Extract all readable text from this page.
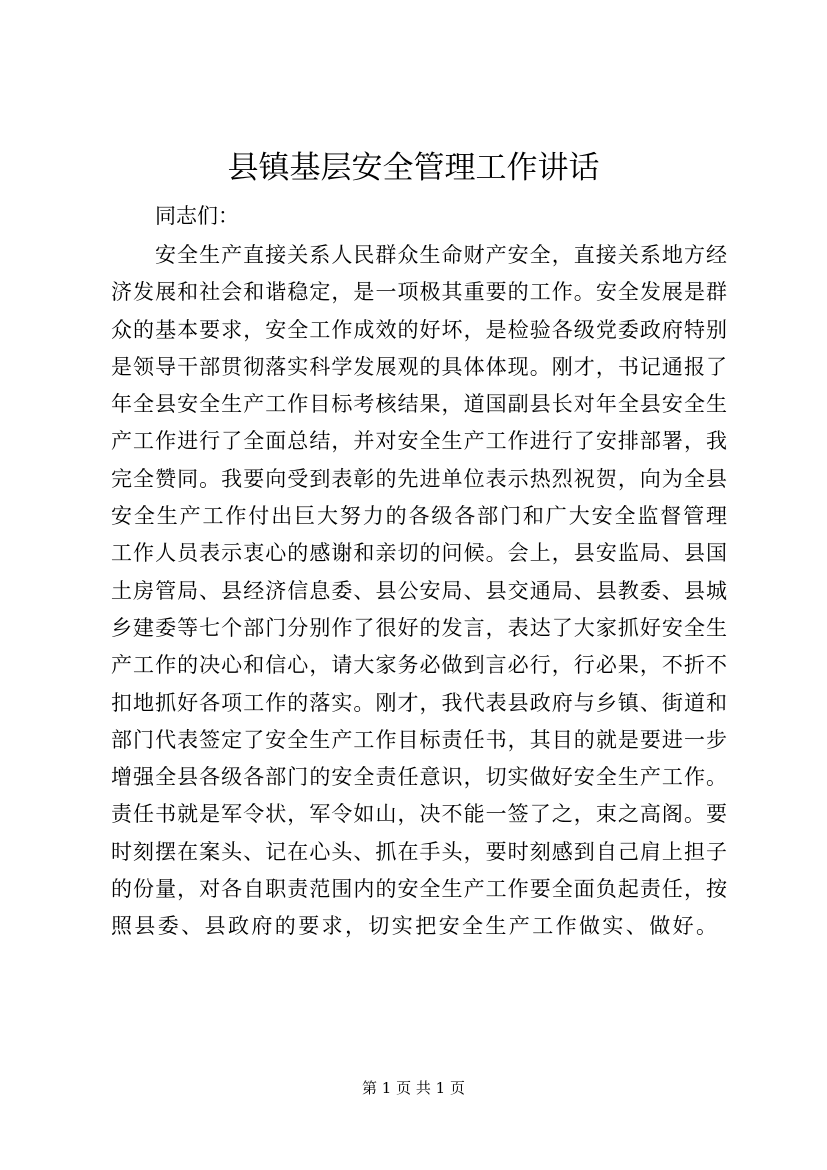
县镇基层安全管理工作讲话

同志们：

安全生产直接关系人民群众生命财产安全，直接关系地方经
济发展和社会和谐稳定，是一项极其重要的工作。安全发展是群
众的基本要求，安全工作成效的好坏，是检验各级党委政府特别
是领导干部贯彻落实科学发展观的具体体现。刚才，书记通报了
年全县安全生产工作目标考核结果，道国副县长对年全县安全生
产工作进行了全面总结，并对安全生产工作进行了安排部署，我
完全赞同。我要向受到表彰的先进单位表示热烈祝贺，向为全县
安全生产工作付出巨大努力的各级各部门和广大安全监督管理
工作人员表示衷心的感谢和亲切的问候。会上，县安监局、县国
土房管局、县经济信息委、县公安局、县交通局、县教委、县城
乡建委等七个部门分别作了很好的发言，表达了大家抓好安全生
产工作的决心和信心，请大家务必做到言必行，行必果，不折不
扣地抓好各项工作的落实。刚才，我代表县政府与乡镇、街道和
部门代表签定了安全生产工作目标责任书，其目的就是要进一步
增强全县各级各部门的安全责任意识，切实做好安全生产工作。
责任书就是军令状，军令如山，决不能一签了之，束之高阁。要
时刻摆在案头、记在心头、抓在手头，要时刻感到自己肩上担子
的份量，对各自职责范围内的安全生产工作要全面负起责任，按
照县委、县政府的要求，切实把安全生产工作做实、做好。

第 1 页 共 1 页
